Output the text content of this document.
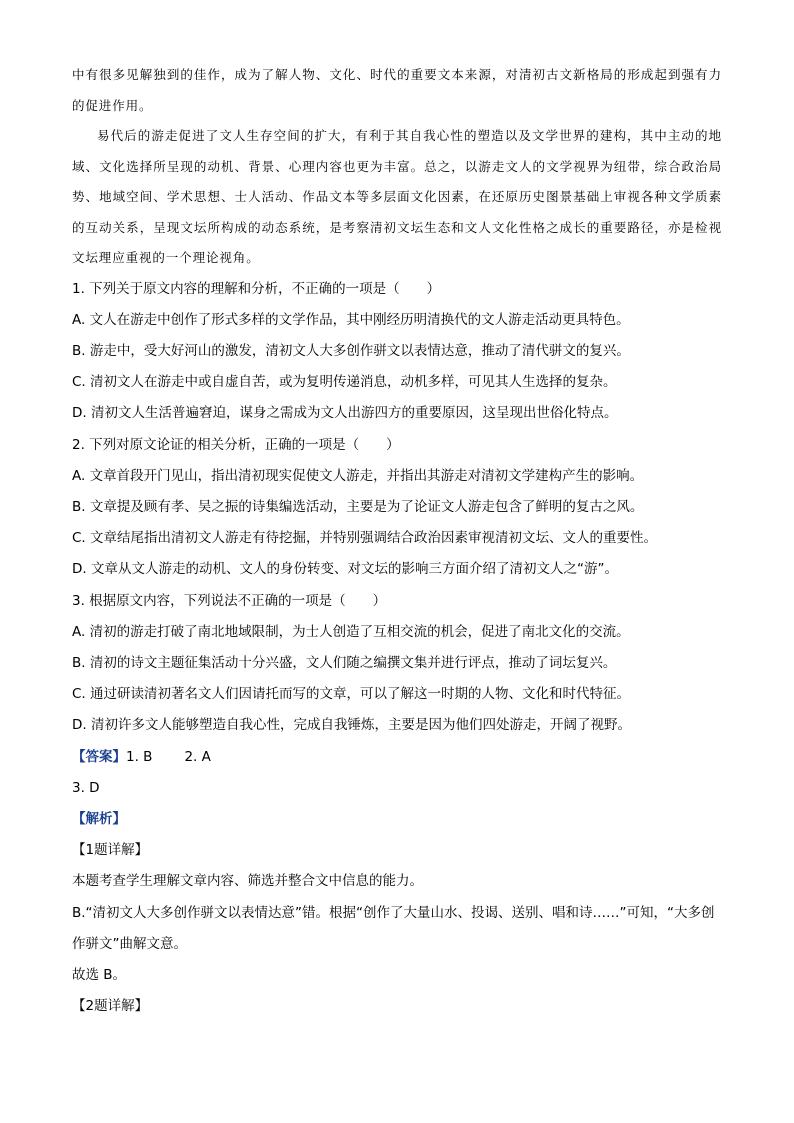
中有很多见解独到的佳作，成为了解人物、文化、时代的重要文本来源，对清初古文新格局的形成起到强有力的促进作用。

易代后的游走促进了文人生存空间的扩大，有利于其自我心性的塑造以及文学世界的建构，其中主动的地域、文化选择所呈现的动机、背景、心理内容也更为丰富。总之，以游走文人的文学视界为纽带，综合政治局势、地域空间、学术思想、士人活动、作品文本等多层面文化因素，在还原历史图景基础上审视各种文学质素的互动关系，呈现文坛所构成的动态系统，是考察清初文坛生态和文人文化性格之成长的重要路径，亦是检视文坛理应重视的一个理论视角。

1. 下列关于原文内容的理解和分析，不正确的一项是（　　）

A. 文人在游走中创作了形式多样的文学作品，其中刚经历明清换代的文人游走活动更具特色。

B. 游走中，受大好河山的激发，清初文人大多创作骈文以表情达意，推动了清代骈文的复兴。

C. 清初文人在游走中或自虚自苦，或为复明传递消息，动机多样，可见其人生选择的复杂。

D. 清初文人生活普遍窘迫，谋身之需成为文人出游四方的重要原因，这呈现出世俗化特点。

2. 下列对原文论证的相关分析，正确的一项是（　　）

A. 文章首段开门见山，指出清初现实促使文人游走，并指出其游走对清初文学建构产生的影响。

B. 文章提及顾有孝、吴之振的诗集编选活动，主要是为了论证文人游走包含了鲜明的复古之风。

C. 文章结尾指出清初文人游走有待挖掘，并特别强调结合政治因素审视清初文坛、文人的重要性。

D. 文章从文人游走的动机、文人的身份转变、对文坛的影响三方面介绍了清初文人之“游”。

3. 根据原文内容，下列说法不正确的一项是（　　）

A. 清初的游走打破了南北地域限制，为士人创造了互相交流的机会，促进了南北文化的交流。

B. 清初的诗文主题征集活动十分兴盛，文人们随之编撰文集并进行评点，推动了词坛复兴。

C. 通过研读清初著名文人们因请托而写的文章，可以了解这一时期的人物、文化和时代特征。

D. 清初许多文人能够塑造自我心性，完成自我锤炼，主要是因为他们四处游走，开阔了视野。

【答案】1. B 2. A

3. D

【解析】

【1题详解】

本题考查学生理解文章内容、筛选并整合文中信息的能力。

B.“清初文人大多创作骈文以表情达意”错。根据“创作了大量山水、投谒、送别、唱和诗……”可知，“大多创作骈文”曲解文意。

故选 B。

【2题详解】
